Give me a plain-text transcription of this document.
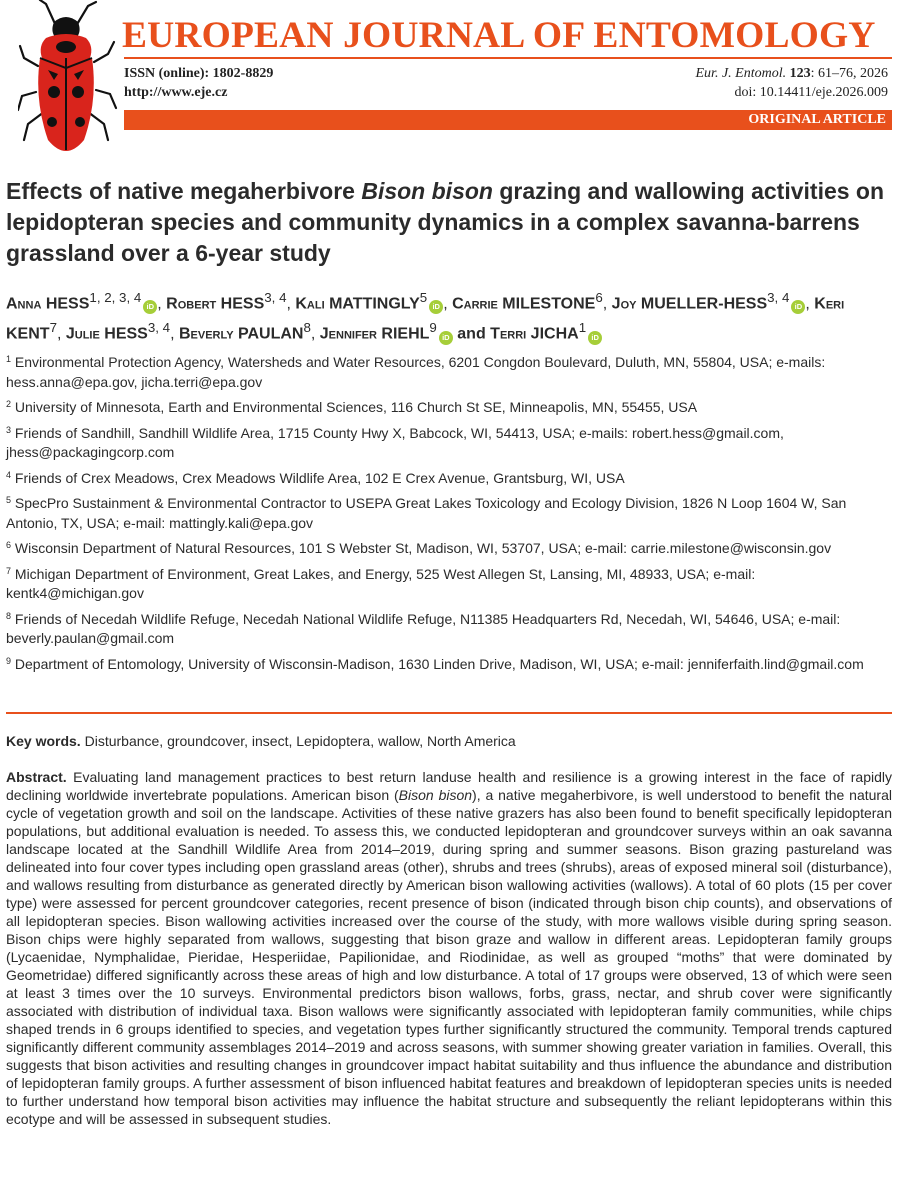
EUROPEAN JOURNAL OF ENTOMOLOGY
ISSN (online): 1802-8829
http://www.eje.cz
Eur. J. Entomol. 123: 61–76, 2026
doi: 10.14411/eje.2026.009
ORIGINAL ARTICLE
Effects of native megaherbivore Bison bison grazing and wallowing activities on lepidopteran species and community dynamics in a complex savanna-barrens grassland over a 6-year study
Anna HESS$^{1, 2, 3, 4}$iD , Robert HESS$^{3, 4}$, Kali MATTINGLY$^5$iD , Carrie MILESTONE$^6$, Joy MUELLER-HESS$^{3, 4}$iD , Keri KENT$^7$, Julie HESS$^{3, 4}$, Beverly PAULAN$^8$, Jennifer RIEHL$^9$iD and Terri JICHA$^1$iD
$^1$ Environmental Protection Agency, Watersheds and Water Resources, 6201 Congdon Boulevard, Duluth, MN, 55804, USA; e-mails: hess.anna@epa.gov, jicha.terri@epa.gov
$^2$ University of Minnesota, Earth and Environmental Sciences, 116 Church St SE, Minneapolis, MN, 55455, USA
$^3$ Friends of Sandhill, Sandhill Wildlife Area, 1715 County Hwy X, Babcock, WI, 54413, USA; e-mails: robert.hess@gmail.com, jhess@packagingcorp.com
$^4$ Friends of Crex Meadows, Crex Meadows Wildlife Area, 102 E Crex Avenue, Grantsburg, WI, USA
$^5$ SpecPro Sustainment & Environmental Contractor to USEPA Great Lakes Toxicology and Ecology Division, 1826 N Loop 1604 W, San Antonio, TX, USA; e-mail: mattingly.kali@epa.gov
$^6$ Wisconsin Department of Natural Resources, 101 S Webster St, Madison, WI, 53707, USA; e-mail: carrie.milestone@wisconsin.gov
$^7$ Michigan Department of Environment, Great Lakes, and Energy, 525 West Allegen St, Lansing, MI, 48933, USA; e-mail: kentk4@michigan.gov
$^8$ Friends of Necedah Wildlife Refuge, Necedah National Wildlife Refuge, N11385 Headquarters Rd, Necedah, WI, 54646, USA; e-mail: beverly.paulan@gmail.com
$^9$ Department of Entomology, University of Wisconsin-Madison, 1630 Linden Drive, Madison, WI, USA; e-mail: jenniferfaith.lind@gmail.com
Key words. Disturbance, groundcover, insect, Lepidoptera, wallow, North America
Abstract. Evaluating land management practices to best return landuse health and resilience is a growing interest in the face of rapidly declining worldwide invertebrate populations. American bison (Bison bison), a native megaherbivore, is well understood to benefit the natural cycle of vegetation growth and soil on the landscape. Activities of these native grazers has also been found to benefit specifically lepidopteran populations, but additional evaluation is needed. To assess this, we conducted lepidopteran and groundcover surveys within an oak savanna landscape located at the Sandhill Wildlife Area from 2014–2019, during spring and summer seasons. Bison grazing pastureland was delineated into four cover types including open grassland areas (other), shrubs and trees (shrubs), areas of exposed mineral soil (disturbance), and wallows resulting from disturbance as generated directly by American bison wallowing activities (wallows). A total of 60 plots (15 per cover type) were assessed for percent groundcover categories, recent presence of bison (indicated through bison chip counts), and observations of all lepidopteran species. Bison wallowing activities increased over the course of the study, with more wallows visible during spring season. Bison chips were highly separated from wallows, suggesting that bison graze and wallow in different areas. Lepidopteran family groups (Lycaenidae, Nymphalidae, Pieridae, Hesperiidae, Papilionidae, and Riodinidae, as well as grouped “moths” that were dominated by Geometridae) differed significantly across these areas of high and low disturbance. A total of 17 groups were observed, 13 of which were seen at least 3 times over the 10 surveys. Environmental predictors bison wallows, forbs, grass, nectar, and shrub cover were significantly associated with distribution of individual taxa. Bison wallows were significantly associated with lepidopteran family communities, while chips shaped trends in 6 groups identified to species, and vegetation types further significantly structured the community. Temporal trends captured significantly different community assemblages 2014–2019 and across seasons, with summer showing greater variation in families. Overall, this suggests that bison activities and resulting changes in groundcover impact habitat suitability and thus influence the abundance and distribution of lepidopteran family groups. A further assessment of bison influenced habitat features and breakdown of lepidopteran species units is needed to further understand how temporal bison activities may influence the habitat structure and subsequently the reliant lepidopterans within this ecotype and will be assessed in subsequent studies.
